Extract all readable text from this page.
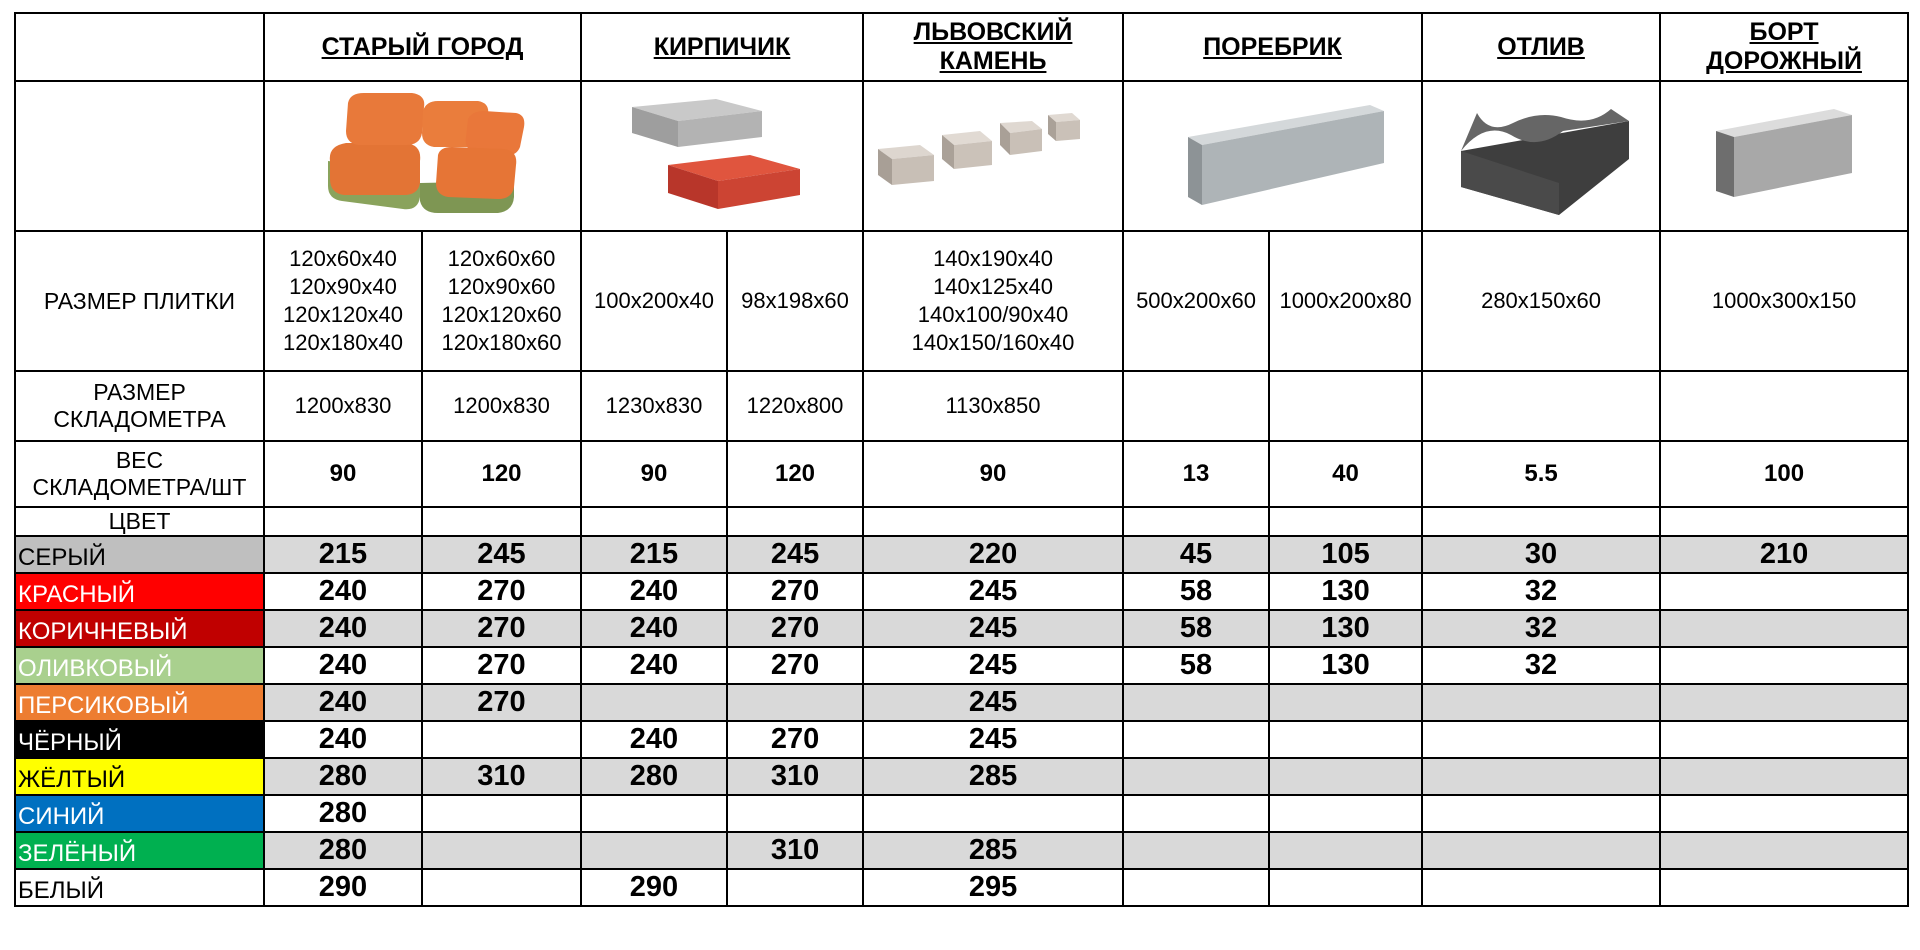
	СТАРЫЙ ГОРОД		КИРПИЧИК		ЛЬВОВСКИЙ
КАМЕНЬ	ПОРЕБРИК		ОТЛИВ	БОРТ
ДОРОЖНЫЙ

РАЗМЕР ПЛИТКИ	120x60x40
120x90x40
120x120x40
120x180x40	120x60x60
120x90x60
120x120x60
120x180x60	100x200x40	98x198x60	140x190x40
140x125x40
140x100/90x40
140x150/160x40	500x200x60	1000x200x80	280x150x60	1000x300x150
РАЗМЕР
СКЛАДОМЕТРА	1200x830	1200x830	1230x830	1220x800	1130x850				
ВЕС
СКЛАДОМЕТРА/ШТ	90	120	90	120	90	13	40	5.5	100
ЦВЕТ									
СЕРЫЙ	215	245	215	245	220	45	105	30	210
КРАСНЫЙ	240	270	240	270	245	58	130	32	
КОРИЧНЕВЫЙ	240	270	240	270	245	58	130	32	
ОЛИВКОВЫЙ	240	270	240	270	245	58	130	32	
ПЕРСИКОВЫЙ	240	270			245				
ЧЁРНЫЙ	240		240	270	245				
ЖЁЛТЫЙ	280	310	280	310	285				
СИНИЙ	280								
ЗЕЛЁНЫЙ	280			310	285				
БЕЛЫЙ	290		290		295				
